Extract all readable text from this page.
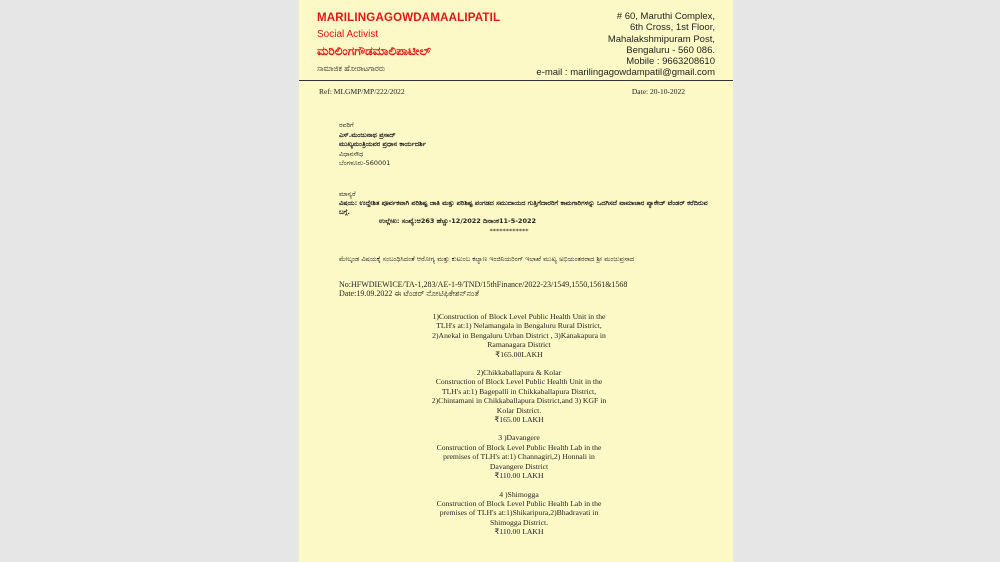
MARILINGAGOWDAMAALIPATIL
Social Activist
ಮರಿಲಿಂಗಗೌಡಮಾಲಿಪಾಟೀಲ್
ಸಾಮಾಜಿಕ ಹೋರಾಟಗಾರರು
# 60, Maruthi Complex,
6th Cross, 1st Floor,
Mahalakshmipuram Post,
Bengaluru - 560 086.
Mobile : 9663208610
e-mail : marilingagowdampatil@gmail.com
Ref: MLGMP/MP/222/2022	Date: 20-10-2022
ರವರಿಗೆ
ಎಸ್.ಮಂಜುನಾಥ ಪ್ರಸಾದ್
ಮುಖ್ಯಮಂತ್ರಿಯವರ ಪ್ರಧಾನ ಕಾರ್ಯದರ್ಶಿ
ವಿಧಾನಸೌಧ
ಬೆಂಗಳೂರು-560001
ಮಾನ್ಯರೆ
ವಿಷಯ: ಉದ್ದೇಶಿತ ಪೂರ್ವಕವಾಗಿ ಪರಿಶಿಷ್ಟ ಜಾತಿ ಮತ್ತು ಪರಿಶಿಷ್ಟ ಪಂಗಡದ ಸಮುದಾಯದ ಗುತ್ತಿಗೆದಾರರಿಗೆ ಕಾಮಗಾರಿಗಳನ್ನು ಒದಗಿಸದೆ ವಾಮಾಚಾರ ಪ್ಯಾಕೇಜ್ ಟೆಂಡರ್ ಕರೆದಿರುವ ಬಗ್ಗೆ.
ಉಲ್ಲೇಖ: ಸಂಖ್ಯೆ:ಆ263 ಹೆಚ್ಚು-12/2022 ದಿನಾಂಕ11-5-2022
************
ಮೇಲ್ಕಂಡ ವಿಷಯಕ್ಕೆ ಸಂಬಂಧಿಸಿದಂತೆ ಆರೋಗ್ಯ ಮತ್ತು ಕುಟುಂಬ ಕಲ್ಯಾಣ ಇಂಜಿನಿಯರಿಂಗ್ ಇಲಾಖೆ ಮುಖ್ಯ ಅಭಿಯಂತರರಾದ ಶ್ರೀ ಮಂಜುಪ್ರಸಾದ
No:HFWDIEWICE/TA-1,283/AE-1-9/TND/15thFinance/2022-23/1549,1550,1561&1568
Date:19.09.2022 ಈ ಟೆಂಡರ್ ನೋಟಿಫಿಕೇಶನ್‌ನಂತೆ
1)Construction of Block Level Public Health Unit in the
TLH's at:1) Nelamangala in Bengaluru Rural District,
2)Anekal in Bengaluru Urban District , 3)Kanakapura in
Ramanagara District
₹165.00LAKH
2)Chikkaballapura & Kolar
Construction of Block Level Public Health Unit in the
TLH's at:1) Bagepalli in Chikkaballapura District,
2)Chintamani in Chikkaballapura District,and 3) KGF in
Kolar District.
₹165.00 LAKH
3 )Davangere
Construction of Block Level Public Health Lab in the
premises of TLH's at:1) Channagiri,2) Honnali in
Davangere District
₹110.00 LAKH
4 )Shimogga
Construction of Block Level Public Health Lab in the
premises of TLH's at:1)Shikaripura,2)Bhadravati in
Shimogga District.
₹110.00 LAKH
